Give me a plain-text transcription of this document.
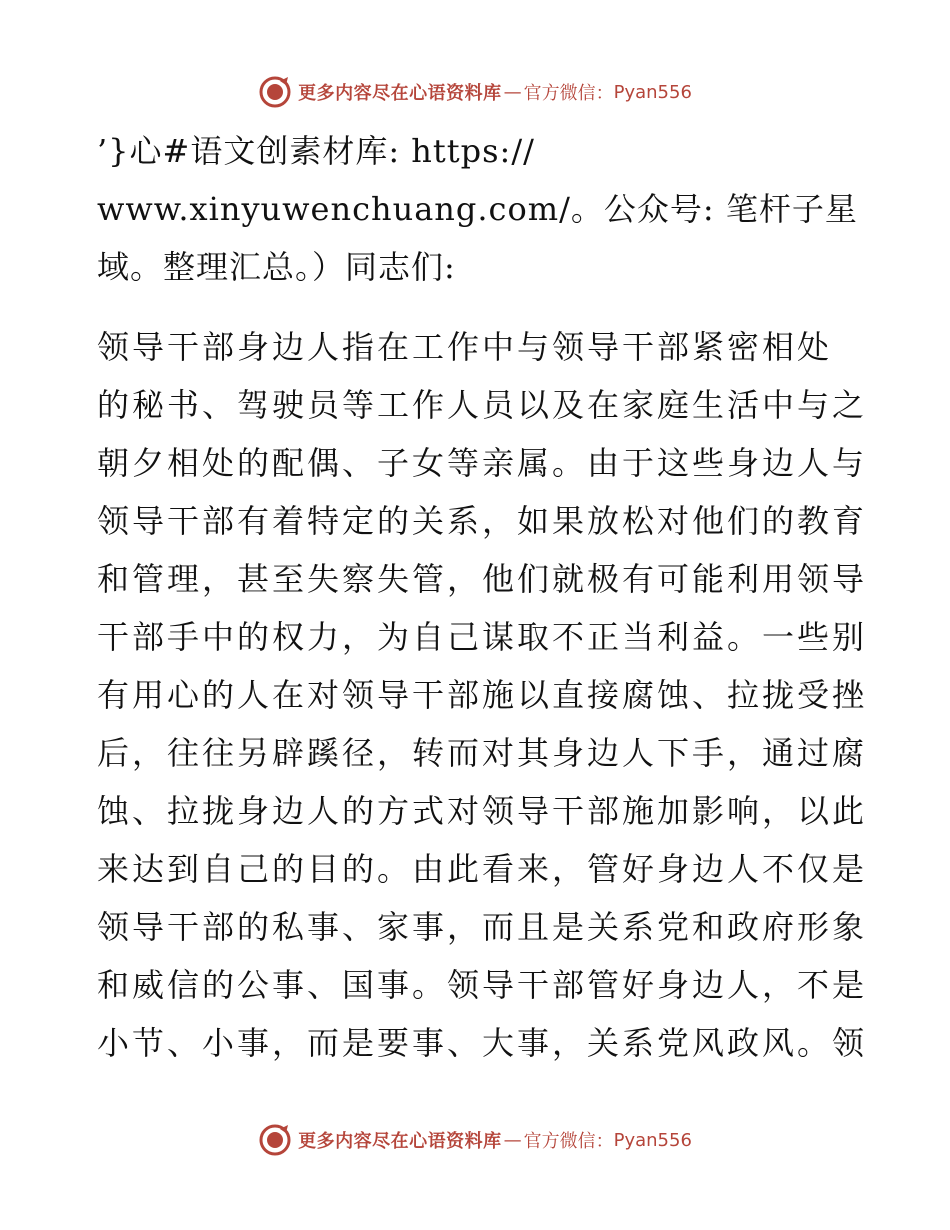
更多内容尽在心语资料库 — 官方微信： Pyan556
’}心#语文创素材库: https://
www.xinyuwenchuang.com/。公众号: 笔杆子星
域。整理汇总。）同志们:
领导干部身边人指在工作中与领导干部紧密相处
的秘书、驾驶员等工作人员以及在家庭生活中与之
朝夕相处的配偶、子女等亲属。由于这些身边人与
领导干部有着特定的关系，如果放松对他们的教育
和管理，甚至失察失管，他们就极有可能利用领导
干部手中的权力，为自己谋取不正当利益。一些别
有用心的人在对领导干部施以直接腐蚀、拉拢受挫
后，往往另辟蹊径，转而对其身边人下手，通过腐
蚀、拉拢身边人的方式对领导干部施加影响，以此
来达到自己的目的。由此看来，管好身边人不仅是
领导干部的私事、家事，而且是关系党和政府形象
和威信的公事、国事。领导干部管好身边人，不是
小节、小事，而是要事、大事，关系党风政风。领
更多内容尽在心语资料库 — 官方微信： Pyan556
